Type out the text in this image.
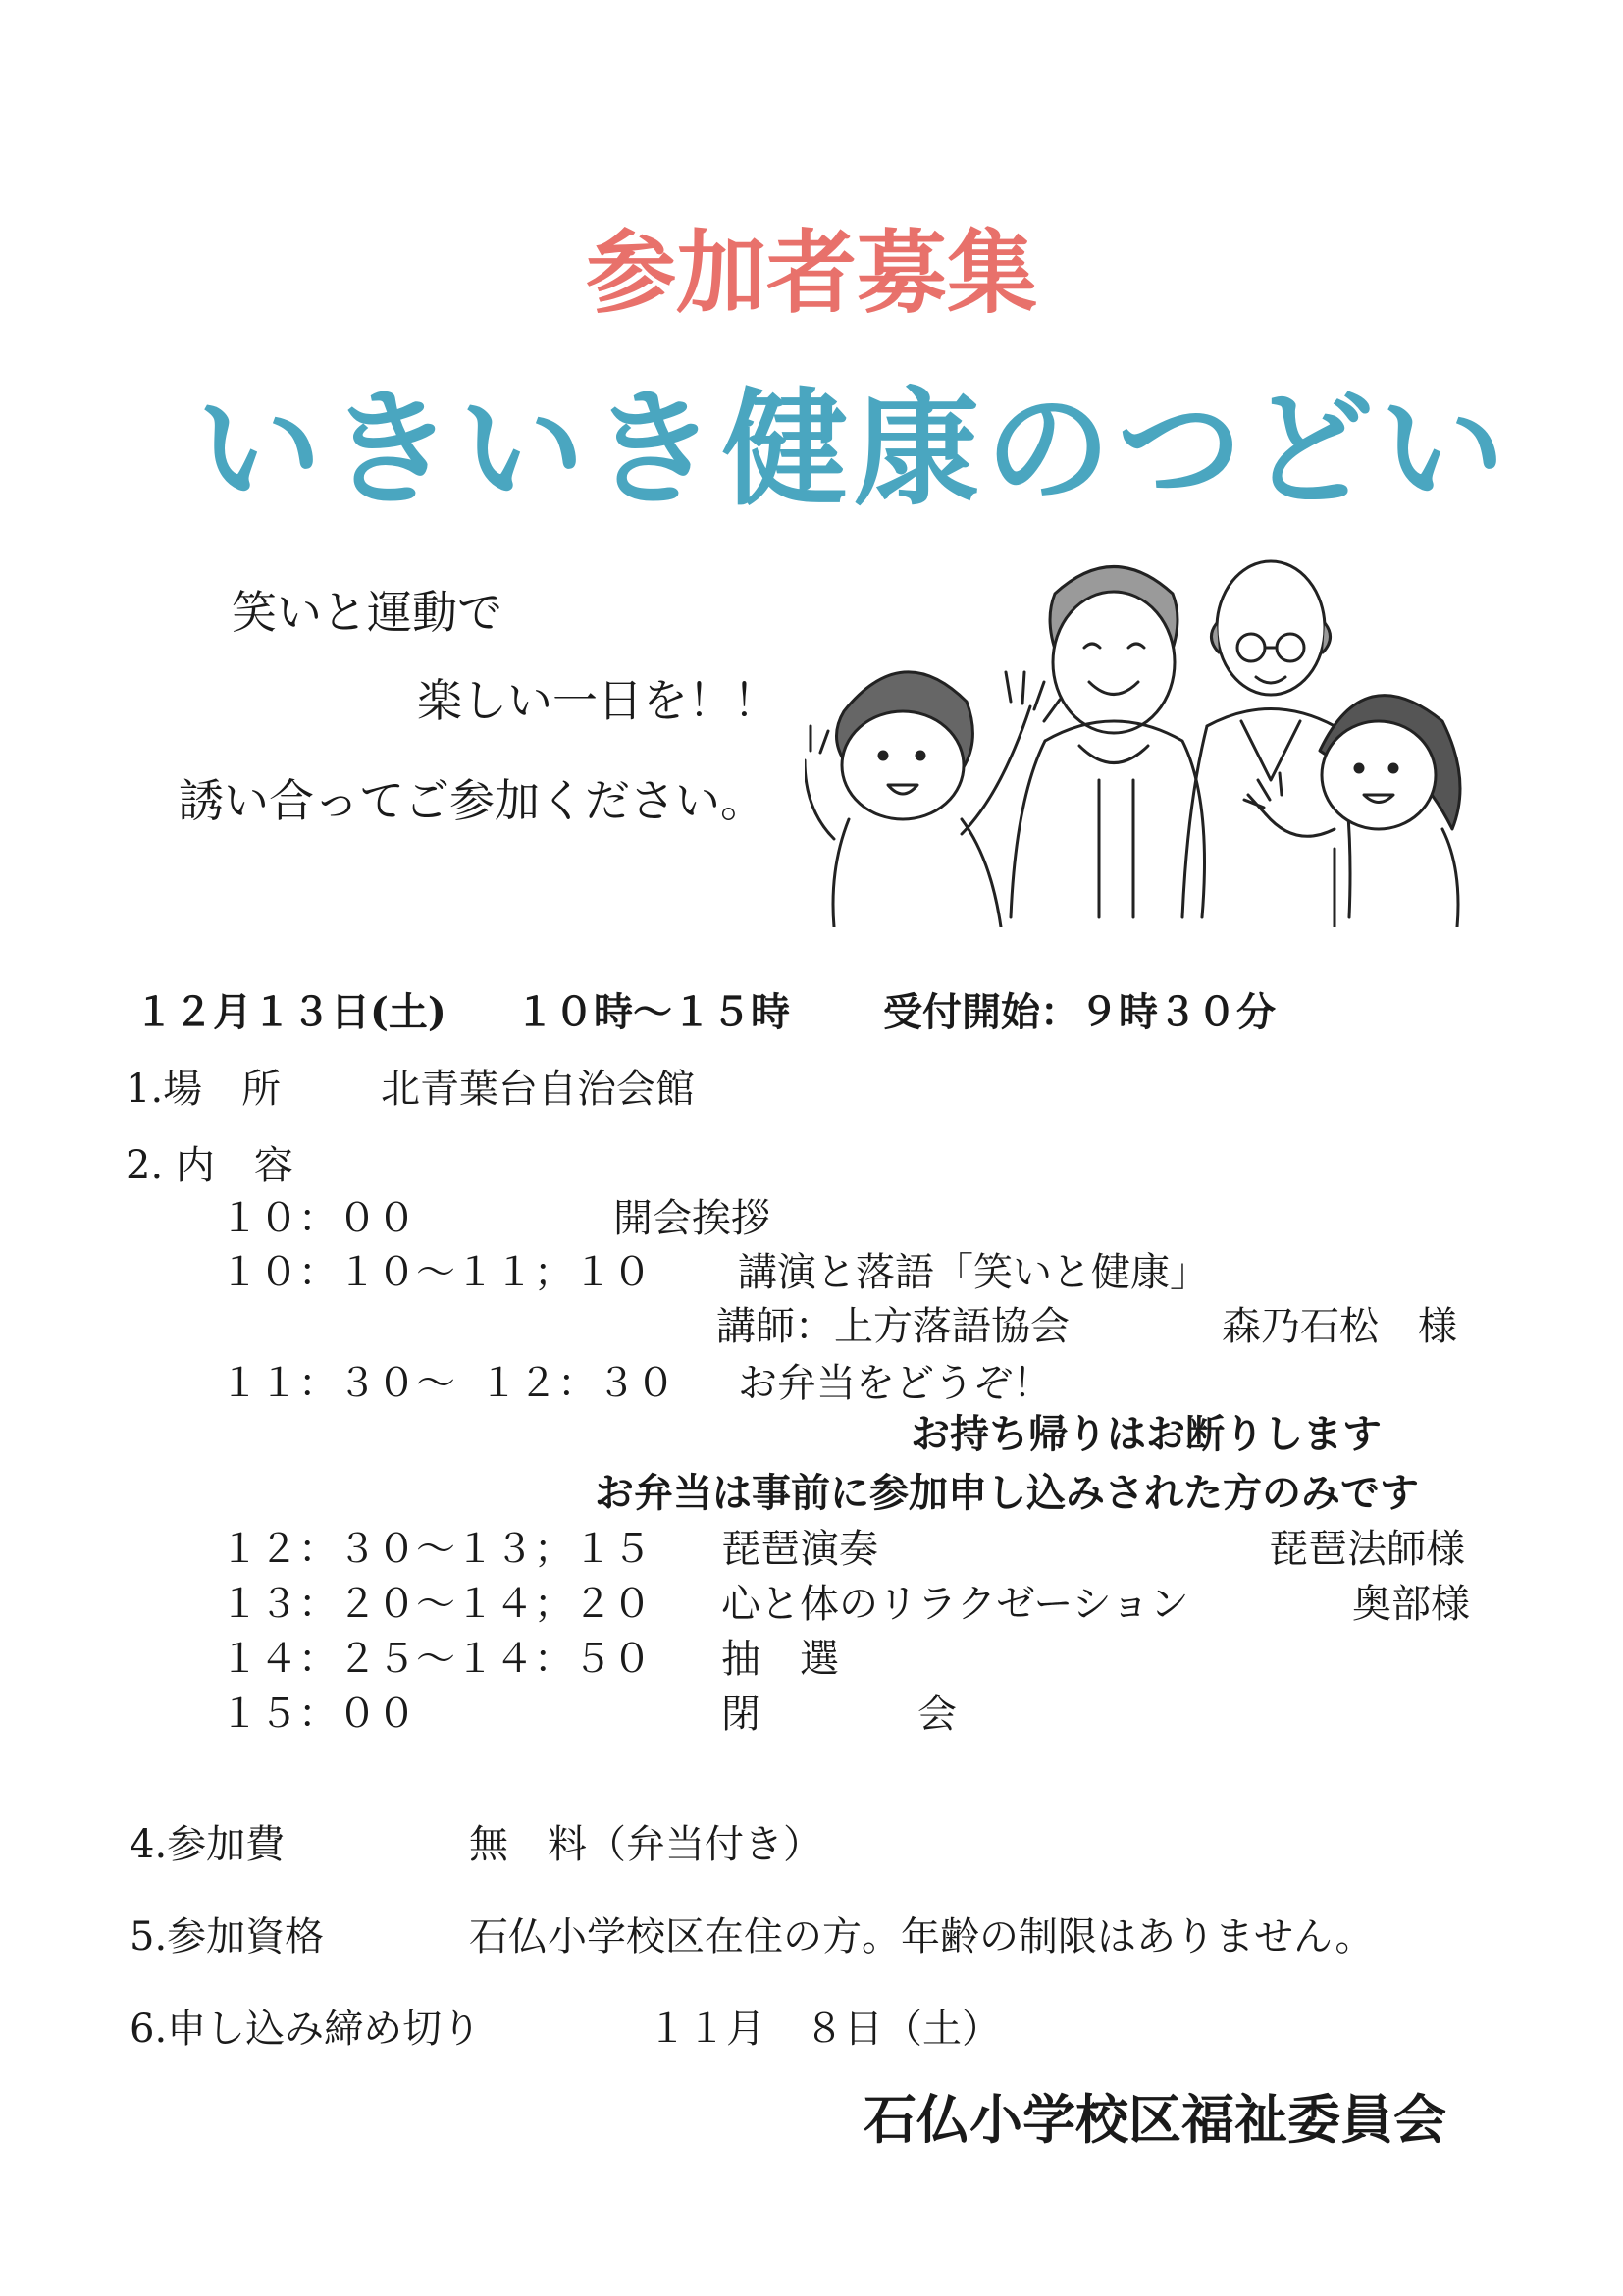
参加者募集
いきいき健康のつどい
笑いと運動で
楽しい一日を！！
誘い合ってご参加ください。
１２月１３日(土) １０時～１５時 受付開始：９時３０分
1.場　所	北青葉台自治会館
2. 内　容
１０：００	開会挨拶
１０：１０～１１；１０ 講演と落語「笑いと健康」
講師：上方落語協会	森乃石松　様
１１：３０～ １２：３０ お弁当をどうぞ！
お持ち帰りはお断りします
お弁当は事前に参加申し込みされた方のみです
１２：３０～１３；１５ 琵琶演奏	琵琶法師様
１３：２０～１４；２０ 心と体のリラクゼーション	奥部様
１４：２５～１４：５０ 抽　選
１５：００	閉　　　　会
4.参加費	無　料（弁当付き）
5.参加資格	石仏小学校区在住の方。年齢の制限はありません。
6.申し込み締め切り	１１月　８日（土）
石仏小学校区福祉委員会
